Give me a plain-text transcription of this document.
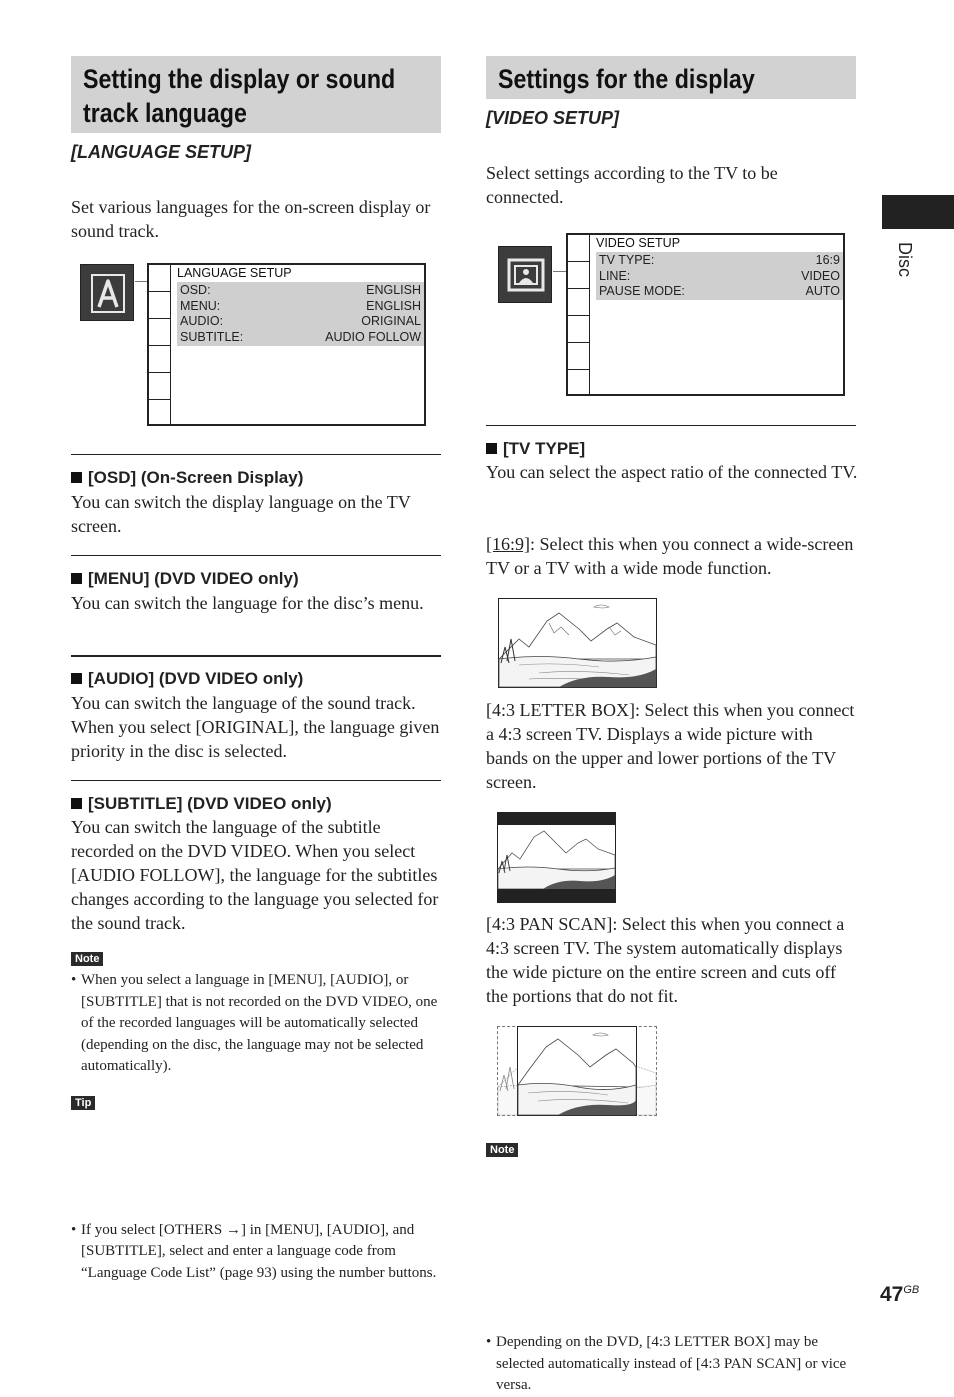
Setting the display or sound track language
[LANGUAGE SETUP]
Set various languages for the on-screen display or sound track.
LANGUAGE SETUP
OSD:	ENGLISH
MENU:	ENGLISH
AUDIO:	ORIGINAL
SUBTITLE:	AUDIO FOLLOW
[OSD] (On-Screen Display)
You can switch the display language on the TV screen.
[MENU] (DVD VIDEO only)
You can switch the language for the disc’s menu.
[AUDIO] (DVD VIDEO only)
You can switch the language of the sound track. When you select [ORIGINAL], the language given priority in the disc is selected.
[SUBTITLE] (DVD VIDEO only)
You can switch the language of the subtitle recorded on the DVD VIDEO. When you select [AUDIO FOLLOW], the language for the subtitles changes according to the language you selected for the sound track.
Note
• When you select a language in [MENU], [AUDIO], or [SUBTITLE] that is not recorded on the DVD VIDEO, one of the recorded languages will be automatically selected (depending on the disc, the language may not be selected automatically).
Tip
• If you select [OTHERS →] in [MENU], [AUDIO], and [SUBTITLE], select and enter a language code from “Language Code List” (page 93) using the number buttons.
Settings for the display
[VIDEO SETUP]
Select settings according to the TV to be connected.
VIDEO SETUP
TV TYPE:	16:9
LINE:	VIDEO
PAUSE MODE:	AUTO
[TV TYPE]
You can select the aspect ratio of the connected TV.
[16:9]: Select this when you connect a wide-screen TV or a TV with a wide mode function.
[4:3 LETTER BOX]: Select this when you connect a 4:3 screen TV. Displays a wide picture with bands on the upper and lower portions of the TV screen.
[4:3 PAN SCAN]: Select this when you connect a 4:3 screen TV. The system automatically displays the wide picture on the entire screen and cuts off the portions that do not fit.
Note
• Depending on the DVD, [4:3 LETTER BOX] may be selected automatically instead of [4:3 PAN SCAN] or vice versa.
Disc
$47^{GB}$
